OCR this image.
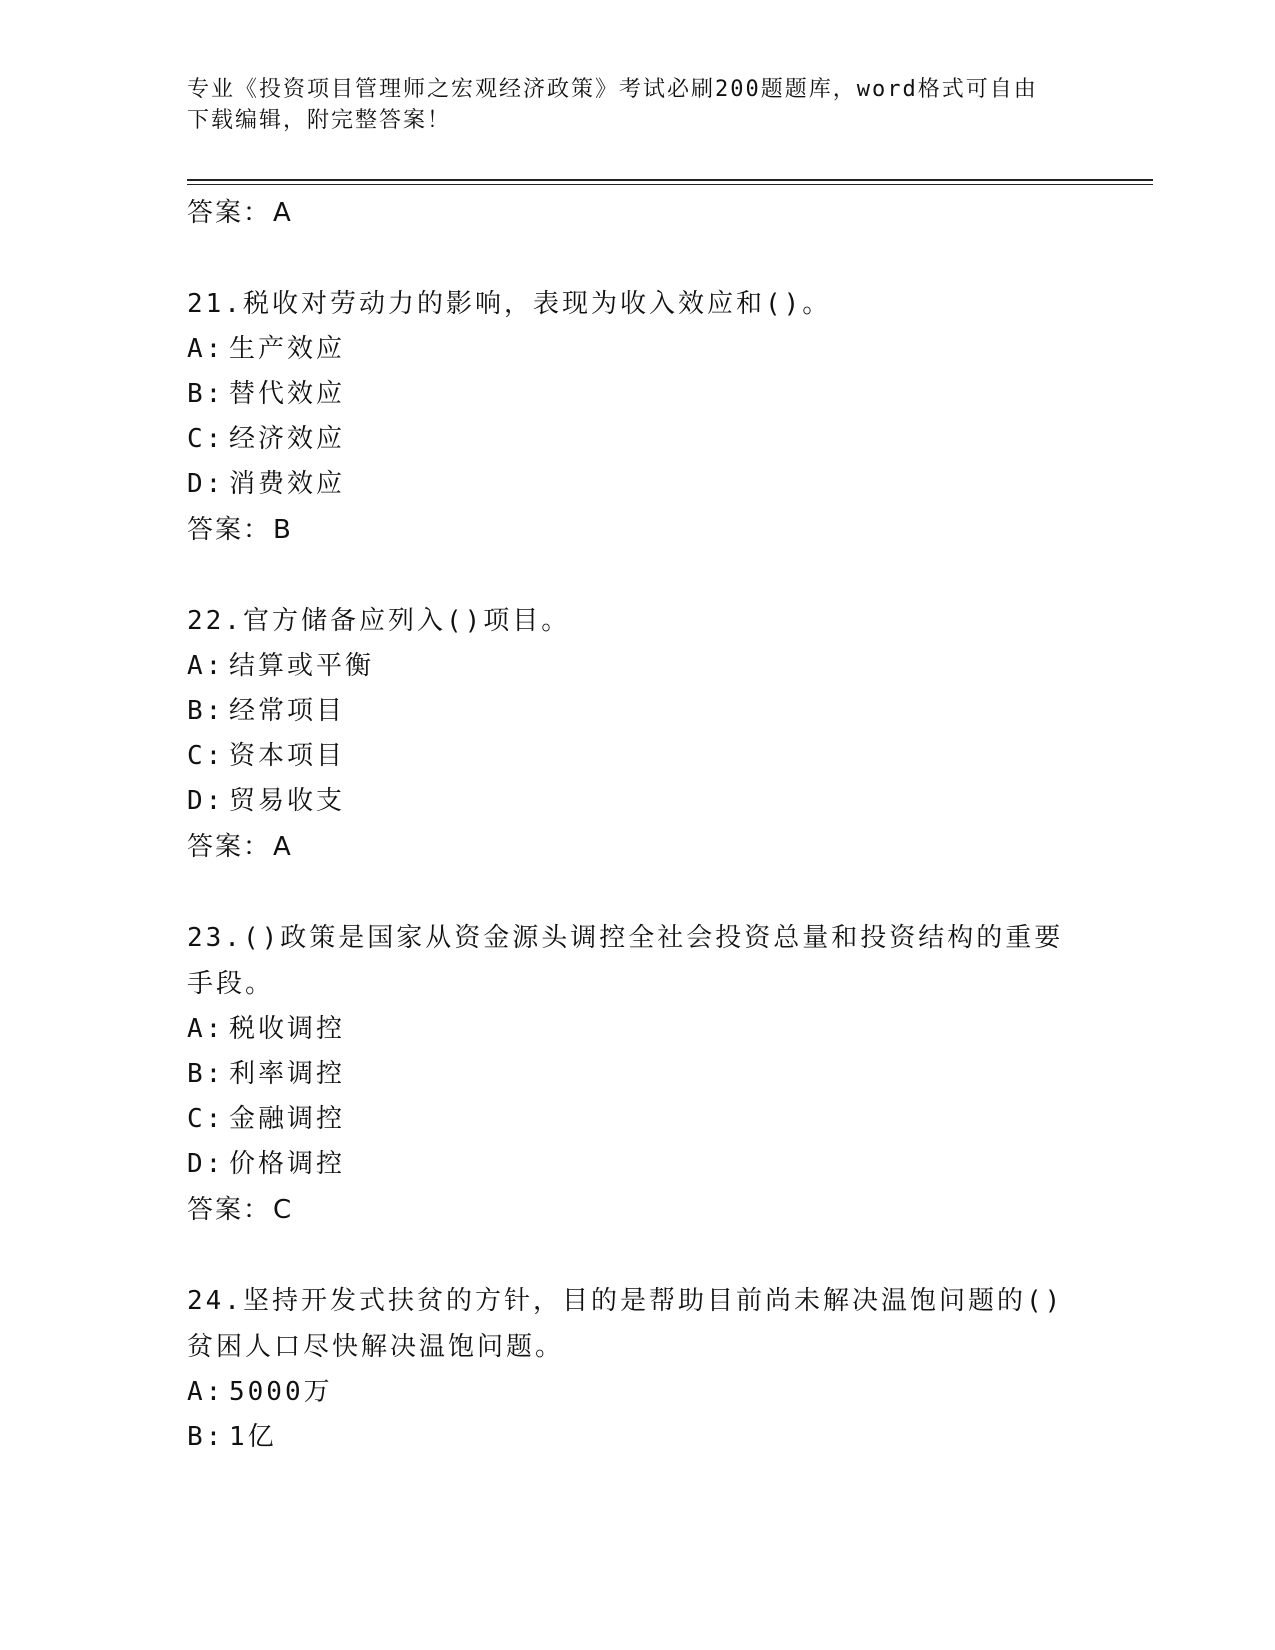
专业《投资项目管理师之宏观经济政策》考试必刷200题题库，word格式可自由

下载编辑，附完整答案！

答案：A
21.税收对劳动力的影响，表现为收入效应和()。
A: 生产效应
B: 替代效应
C: 经济效应
D: 消费效应
答案：B
22.官方储备应列入()项目。
A: 结算或平衡
B: 经常项目
C: 资本项目
D: 贸易收支
答案：A
23.()政策是国家从资金源头调控全社会投资总量和投资结构的重要手段。
A: 税收调控
B: 利率调控
C: 金融调控
D: 价格调控
答案：C
24.坚持开发式扶贫的方针，目的是帮助目前尚未解决温饱问题的()贫困人口尽快解决温饱问题。
A: 5000万
B: 1亿
